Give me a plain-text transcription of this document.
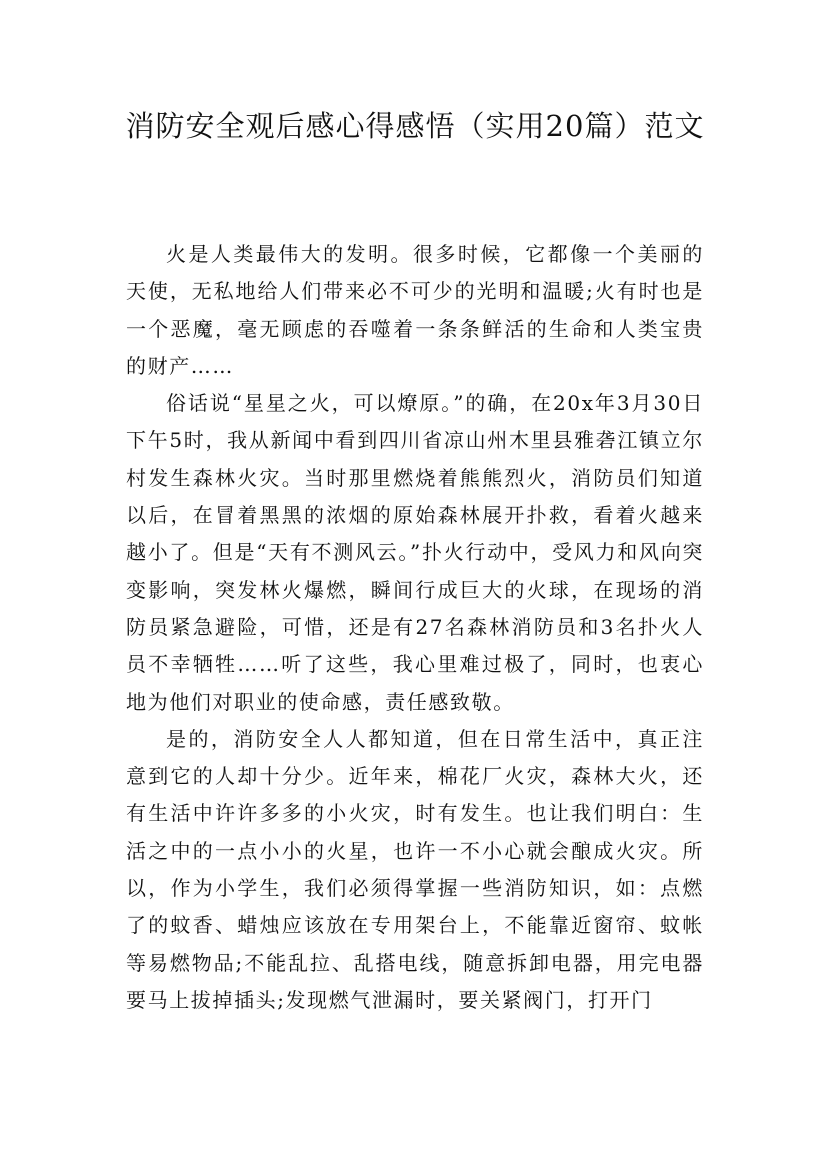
消防安全观后感心得感悟（实用20篇）范文

火是人类最伟大的发明。很多时候，它都像一个美丽的天使，无私地给人们带来必不可少的光明和温暖;火有时也是一个恶魔，毫无顾虑的吞噬着一条条鲜活的生命和人类宝贵的财产……

俗话说“星星之火，可以燎原。”的确，在20x年3月30日下午5时，我从新闻中看到四川省凉山州木里县雅砻江镇立尔村发生森林火灾。当时那里燃烧着熊熊烈火，消防员们知道以后，在冒着黑黑的浓烟的原始森林展开扑救，看着火越来越小了。但是“天有不测风云。”扑火行动中，受风力和风向突变影响，突发林火爆燃，瞬间行成巨大的火球，在现场的消防员紧急避险，可惜，还是有27名森林消防员和3名扑火人员不幸牺牲……听了这些，我心里难过极了，同时，也衷心地为他们对职业的使命感，责任感致敬。

是的，消防安全人人都知道，但在日常生活中，真正注意到它的人却十分少。近年来，棉花厂火灾，森林大火，还有生活中许许多多的小火灾，时有发生。也让我们明白：生活之中的一点小小的火星，也许一不小心就会酿成火灾。所以，作为小学生，我们必须得掌握一些消防知识，如：点燃了的蚊香、蜡烛应该放在专用架台上，不能靠近窗帘、蚊帐等易燃物品;不能乱拉、乱搭电线，随意拆卸电器，用完电器要马上拔掉插头;发现燃气泄漏时，要关紧阀门，打开门
